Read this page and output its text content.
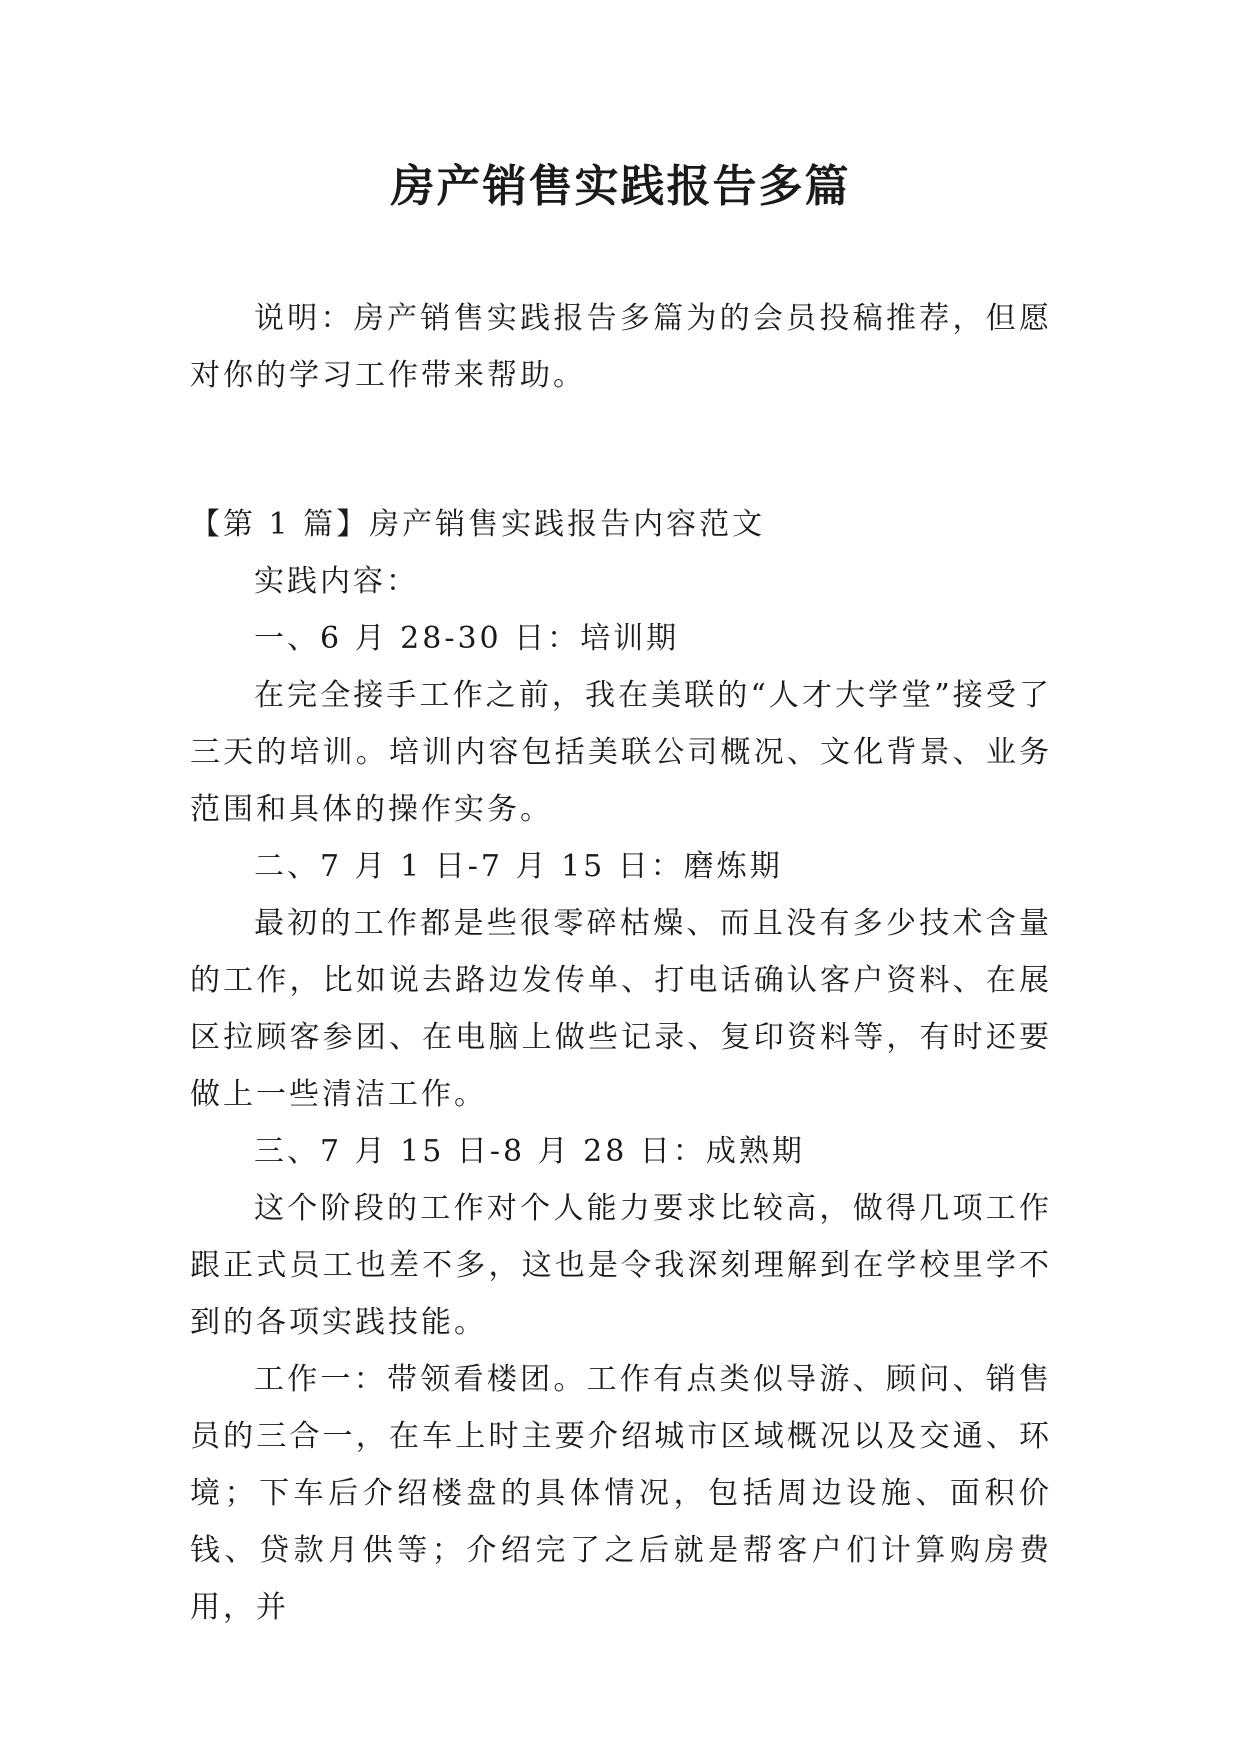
房产销售实践报告多篇

说明：房产销售实践报告多篇为的会员投稿推荐，但愿对你的学习工作带来帮助。

【第 1 篇】房产销售实践报告内容范文

实践内容：

一、6 月 28-30 日：培训期

在完全接手工作之前，我在美联的“人才大学堂”接受了三天的培训。培训内容包括美联公司概况、文化背景、业务范围和具体的操作实务。

二、7 月 1 日-7 月 15 日：磨炼期

最初的工作都是些很零碎枯燥、而且没有多少技术含量的工作，比如说去路边发传单、打电话确认客户资料、在展区拉顾客参团、在电脑上做些记录、复印资料等，有时还要做上一些清洁工作。

三、7 月 15 日-8 月 28 日：成熟期

这个阶段的工作对个人能力要求比较高，做得几项工作跟正式员工也差不多，这也是令我深刻理解到在学校里学不到的各项实践技能。

工作一：带领看楼团。工作有点类似导游、顾问、销售员的三合一，在车上时主要介绍城市区域概况以及交通、环境；下车后介绍楼盘的具体情况，包括周边设施、面积价钱、贷款月供等；介绍完了之后就是帮客户们计算购房费用，并
